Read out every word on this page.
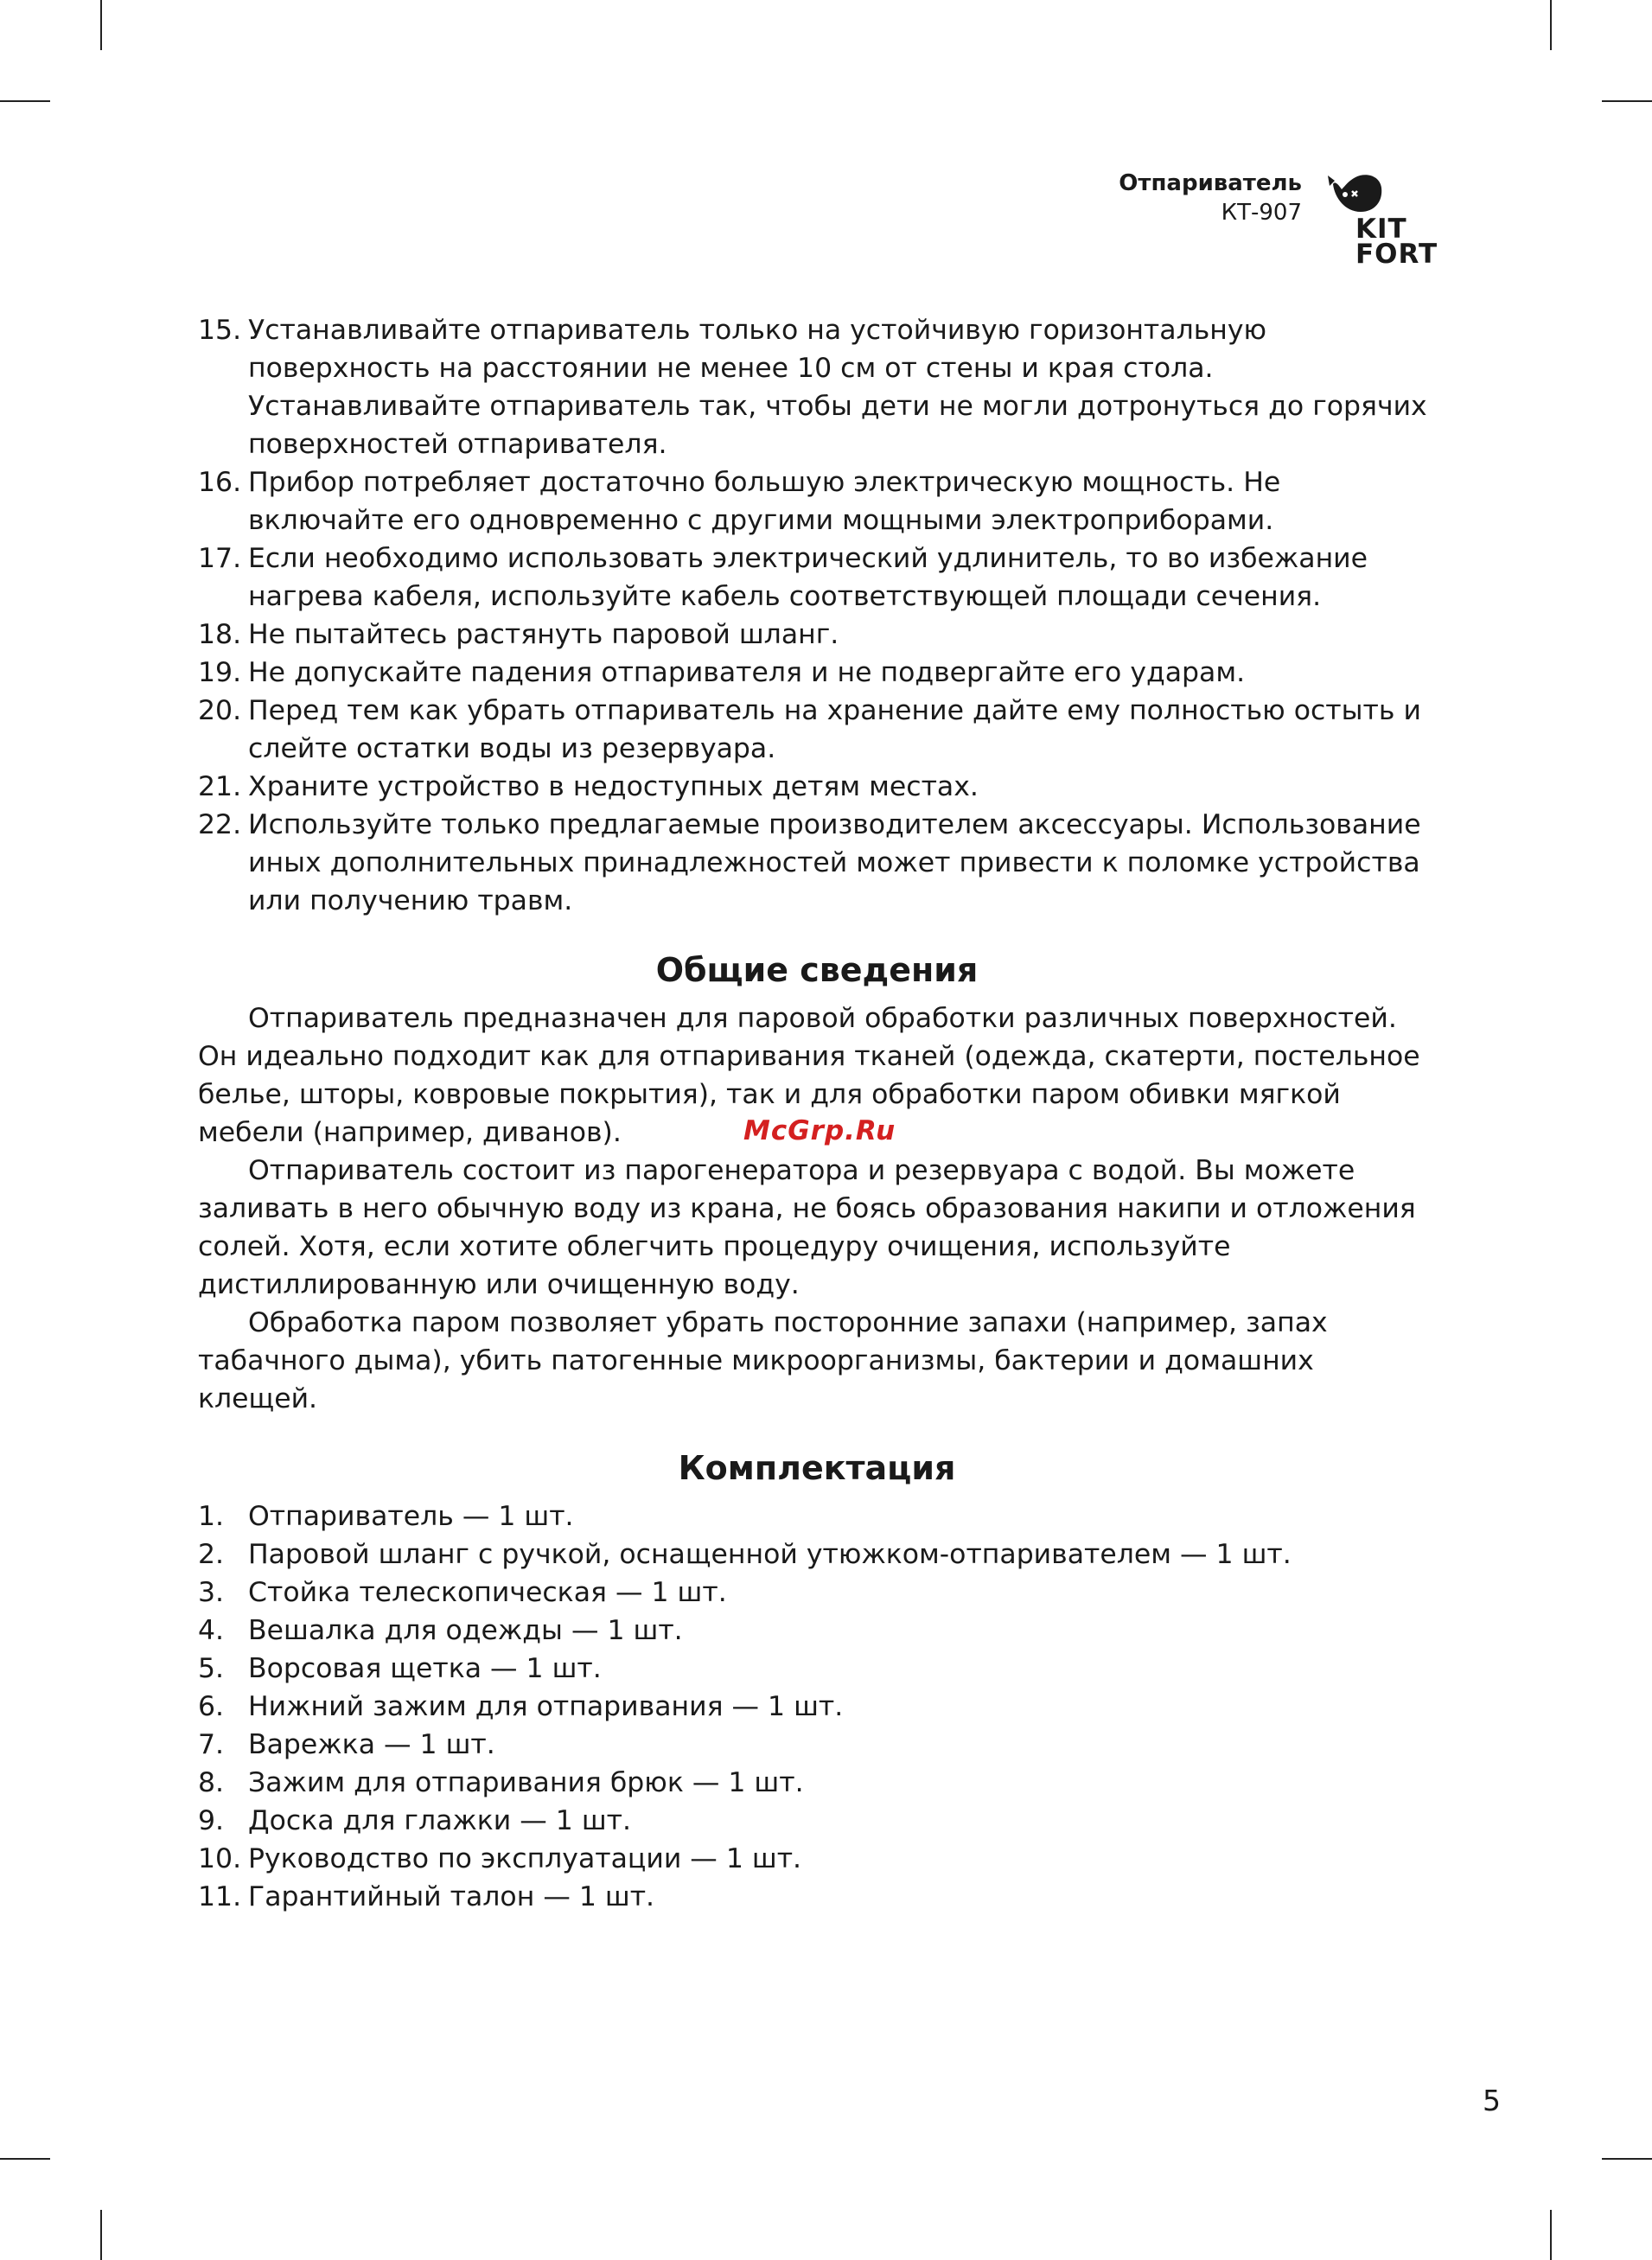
Отпариватель
КТ-907
KIT
FORT
15. Устанавливайте отпариватель только на устойчивую горизонтальную поверхность на расстоянии не менее 10 см от стены и края стола. Устанавливайте отпариватель так, чтобы дети не могли дотронуться до горячих поверхностей отпаривателя.
16. Прибор потребляет достаточно большую электрическую мощность. Не включайте его одновременно с другими мощными электроприборами.
17. Если необходимо использовать электрический удлинитель, то во избежание нагрева кабеля, используйте кабель соответствующей площади сечения.
18. Не пытайтесь растянуть паровой шланг.
19. Не допускайте падения отпаривателя и не подвергайте его ударам.
20. Перед тем как убрать отпариватель на хранение дайте ему полностью остыть и слейте остатки воды из резервуара.
21. Храните устройство в недоступных детям местах.
22. Используйте только предлагаемые производителем аксессуары. Использование иных дополнительных принадлежностей может привести к поломке устройства или получению травм.
Общие сведения

Отпариватель предназначен для паровой обработки различных поверхностей. Он идеально подходит как для отпаривания тканей (одежда, скатерти, постельное белье, шторы, ковровые покрытия), так и для обработки паром обивки мягкой мебели (например, диванов).

Отпариватель состоит из парогенератора и резервуара с водой. Вы можете заливать в него обычную воду из крана, не боясь образования накипи и отложения солей. Хотя, если хотите облегчить процедуру очищения, используйте дистиллированную или очищенную воду.

Обработка паром позволяет убрать посторонние запахи (например, запах табачного дыма), убить патогенные микроорганизмы, бактерии и домашних клещей.

Комплектация
1. Отпариватель — 1 шт.
2. Паровой шланг с ручкой, оснащенной утюжком-отпаривателем — 1 шт.
3. Стойка телескопическая — 1 шт.
4. Вешалка для одежды — 1 шт.
5. Ворсовая щетка — 1 шт.
6. Нижний зажим для отпаривания — 1 шт.
7. Варежка — 1 шт.
8. Зажим для отпаривания брюк — 1 шт.
9. Доска для глажки — 1 шт.
10. Руководство по эксплуатации — 1 шт.
11. Гарантийный талон — 1 шт.
McGrp.Ru
5
